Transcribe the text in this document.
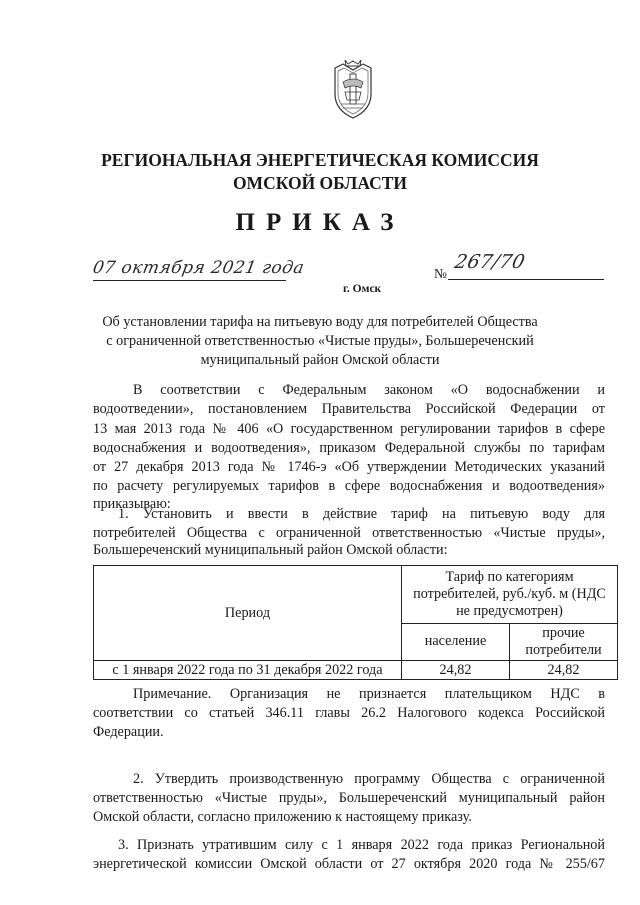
РЕГИОНАЛЬНАЯ ЭНЕРГЕТИЧЕСКАЯ КОМИССИЯ
ОМСКОЙ ОБЛАСТИ
ПРИКАЗ
07 октября 2021 года	№
267/70
г. Омск
Об установлении тарифа на питьевую воду для потребителей Общества
с ограниченной ответственностью «Чистые пруды», Большереченский
муниципальный район Омской области
В соответствии с Федеральным законом «О водоснабжении и
водоотведении», постановлением Правительства Российской Федерации от
13 мая 2013 года № 406 «О государственном регулировании тарифов в сфере
водоснабжения и водоотведения», приказом Федеральной службы по тарифам
от 27 декабря 2013 года № 1746-э «Об утверждении Методических указаний
по расчету регулируемых тарифов в сфере водоснабжения и водоотведения»
приказываю:
1. Установить и ввести в действие тариф на питьевую воду для
потребителей Общества с ограниченной ответственностью «Чистые пруды»,
Большереченский муниципальный район Омской области:
Период	Тариф по категориям потребителей, руб./куб. м (НДС не предусмотрен)	
	население	прочие потребители
с 1 января 2022 года по 31 декабря 2022 года	24,82	24,82
Примечание. Организация не признается плательщиком НДС в
соответствии со статьей 346.11 главы 26.2 Налогового кодекса Российской
Федерации.
2. Утвердить производственную программу Общества с ограниченной
ответственностью «Чистые пруды», Большереченский муниципальный район
Омской области, согласно приложению к настоящему приказу.
3. Признать утратившим силу с 1 января 2022 года приказ Региональной
энергетической комиссии Омской области от 27 октября 2020 года № 255/67
